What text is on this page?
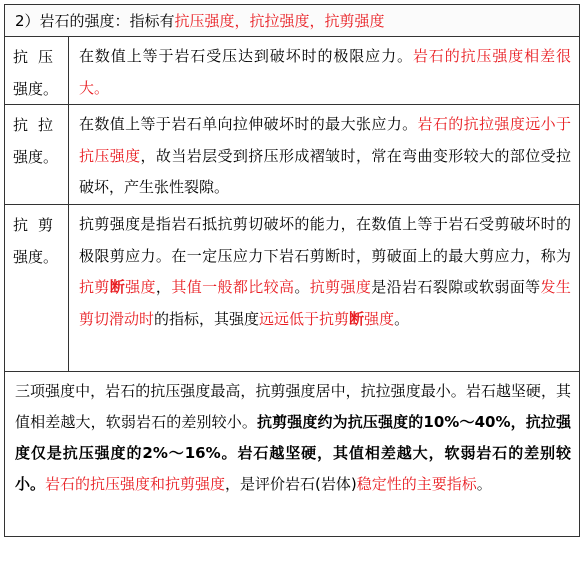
2）岩石的强度：指标有抗压强度，抗拉强度，抗剪强度
抗 压
强度。
在数值上等于岩石受压达到破坏时的极限应力。岩石的抗压强度相差很大。
抗 拉
强度。
在数值上等于岩石单向拉伸破坏时的最大张应力。岩石的抗拉强度远小于抗压强度，故当岩层受到挤压形成褶皱时，常在弯曲变形较大的部位受拉破坏，产生张性裂隙。
抗 剪
强度。
抗剪强度是指岩石抵抗剪切破坏的能力，在数值上等于岩石受剪破坏时的极限剪应力。在一定压应力下岩石剪断时，剪破面上的最大剪应力，称为抗剪断强度，其值一般都比较高。抗剪强度是沿岩石裂隙或软弱面等发生剪切滑动时的指标，其强度远远低于抗剪断强度。
三项强度中，岩石的抗压强度最高，抗剪强度居中，抗拉强度最小。岩石越坚硬，其值相差越大，软弱岩石的差别较小。抗剪强度约为抗压强度的10%～40%，抗拉强度仅是抗压强度的2%～16%。岩石越坚硬，其值相差越大，软弱岩石的差别较小。岩石的抗压强度和抗剪强度，是评价岩石(岩体)稳定性的主要指标。
